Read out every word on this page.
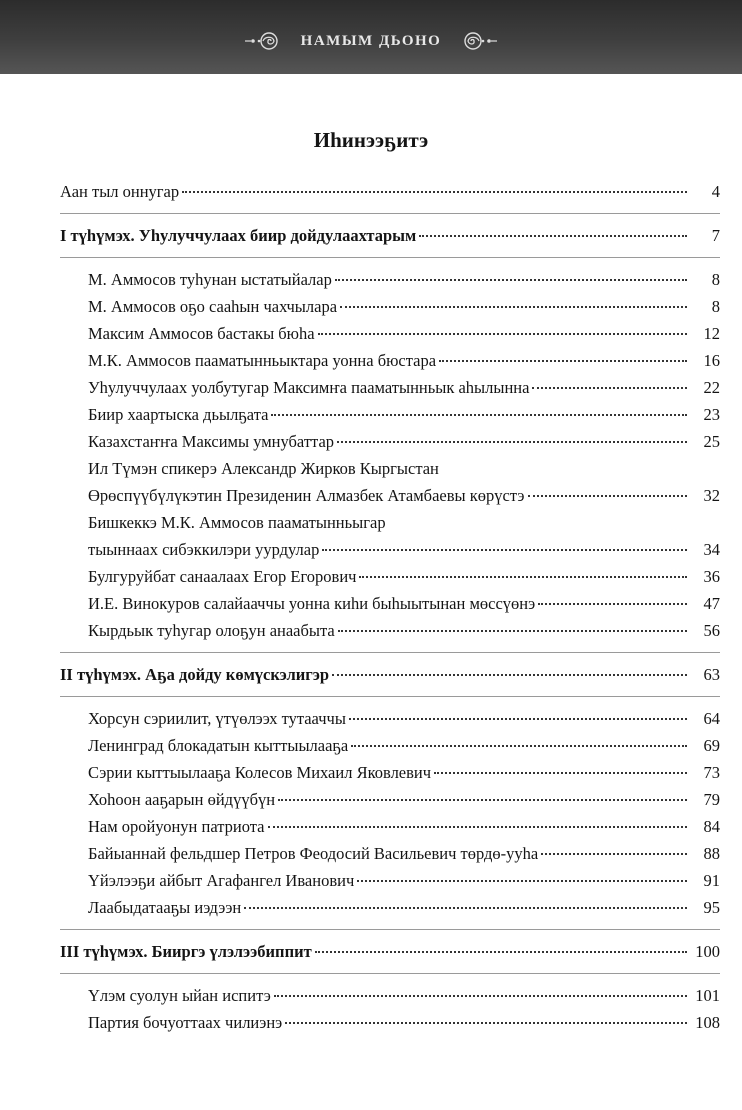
НАМЫМ ДЬОНО
Иһинээҕитэ
Аан тыл оннугар	4
I түһүмэх. Уһулуччулаах биир дойдулаахтарым	7
М. Аммосов туһунан ыстатыйалар	8
М. Аммосов оҕо сааһын чахчылара	8
Максим Аммосов бастакы бюһа	12
М.К. Аммосов пааматынньыктара уонна бюстара	16
Уһулуччулаах уолбутугар Максимҥа пааматынньык аһылынна	22
Биир хаартыска дьылҕата	23
Казахстаҥҥа Максимы умнубаттар	25
Ил Түмэн спикерэ Александр Жирков Кыргыстан
Өрөспүүбүлүкэтин Президенин Алмазбек Атамбаевы көрүстэ	32
Бишкеккэ М.К. Аммосов пааматынньыгар
тыыннаах сибэккилэри уурдулар	34
Булгуруйбат санаалаах Егор Егорович	36
И.Е. Винокуров салайааччы уонна киһи быһыытынан мөссүөнэ	47
Кырдьык туһугар олоҕун анаабыта	56
II түһүмэх. Аҕа дойду көмүскэлигэр	63
Хорсун сэриилит, үтүөлээх тутааччы	64
Ленинград блокадатын кыттыылааҕа	69
Сэрии кыттыылааҕа Колесов Михаил Яковлевич	73
Хоһоон ааҕарын өйдүүбүн	79
Нам оройуонун патриота	84
Байыаннай фельдшер Петров Феодосий Васильевич төрдө-ууһа	88
Үйэлээҕи айбыт Агафангел Иванович	91
Лаабыдатааҕы иэдээн	95
III түһүмэх. Бииргэ үлэлээбиппит	100
Үлэм суолун ыйан испитэ	101
Партия бочуоттаах чилиэнэ	108
